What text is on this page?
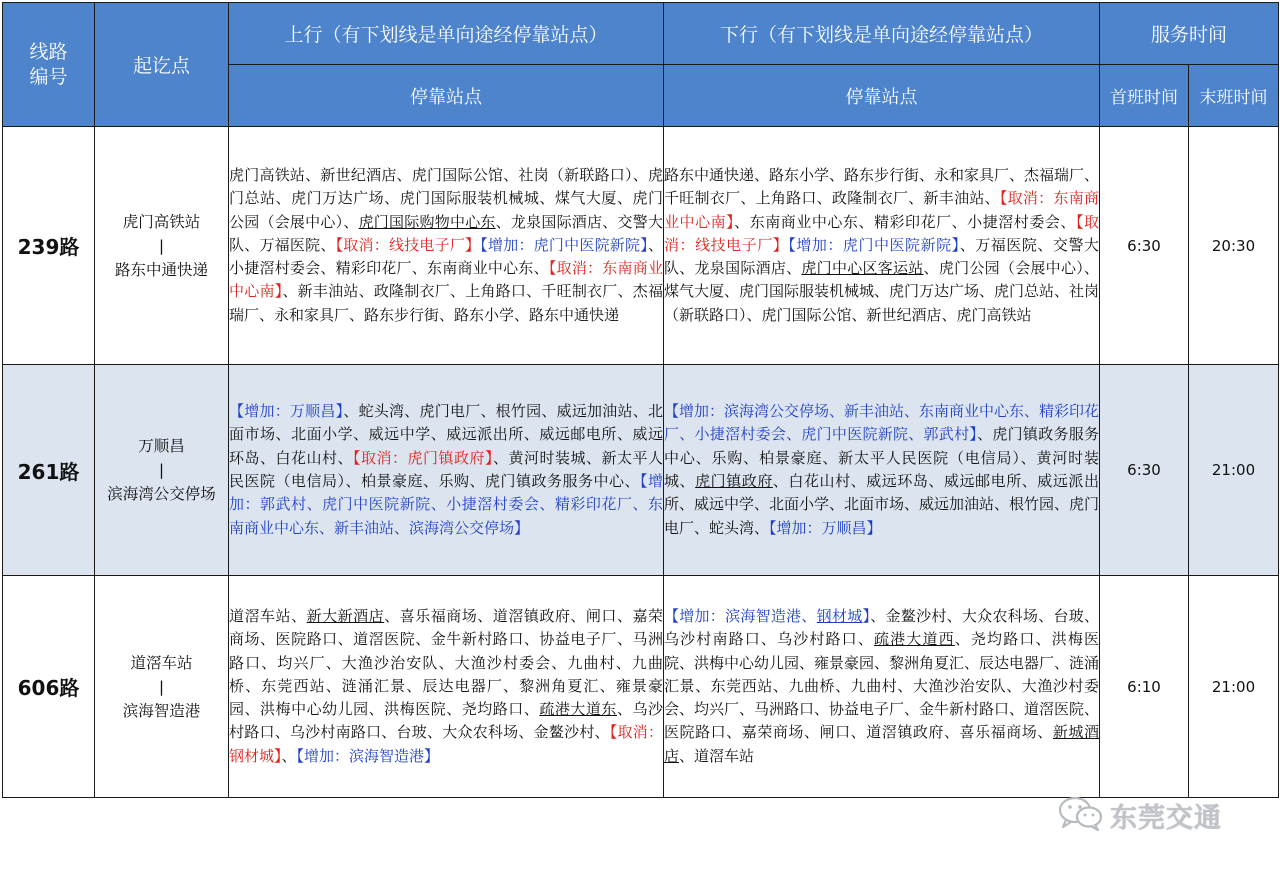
线路
编号	起讫点	上行（有下划线是单向途经停靠站点）	下行（有下划线是单向途经停靠站点）	服务时间	
		停靠站点	停靠站点	首班时间	末班时间
239路	虎门高铁站
|
路东中通快递	虎门高铁站、新世纪酒店、虎门国际公馆、社岗（新联路口）、虎门总站、虎门万达广场、虎门国际服装机械城、煤气大厦、虎门公园（会展中心）、虎门国际购物中心东、龙泉国际酒店、交警大队、万福医院、【取消：线技电子厂】【增加：虎门中医院新院】、小捷滘村委会、精彩印花厂、东南商业中心东、【取消：东南商业中心南】、新丰油站、政隆制衣厂、上角路口、千旺制衣厂、杰福瑞厂、永和家具厂、路东步行街、路东小学、路东中通快递	路东中通快递、路东小学、路东步行街、永和家具厂、杰福瑞厂、千旺制衣厂、上角路口、政隆制衣厂、新丰油站、【取消：东南商业中心南】、东南商业中心东、精彩印花厂、小捷滘村委会、【取消：线技电子厂】【增加：虎门中医院新院】、万福医院、交警大队、龙泉国际酒店、虎门中心区客运站、虎门公园（会展中心）、煤气大厦、虎门国际服装机械城、虎门万达广场、虎门总站、社岗（新联路口）、虎门国际公馆、新世纪酒店、虎门高铁站	6:30	20:30
261路	万顺昌
|
滨海湾公交停场	【增加：万顺昌】、蛇头湾、虎门电厂、根竹园、威远加油站、北面市场、北面小学、威远中学、威远派出所、威远邮电所、威远环岛、白花山村、【取消：虎门镇政府】、黄河时装城、新太平人民医院（电信局）、柏景豪庭、乐购、虎门镇政务服务中心、【增加：郭武村、虎门中医院新院、小捷滘村委会、精彩印花厂、东南商业中心东、新丰油站、滨海湾公交停场】	【增加：滨海湾公交停场、新丰油站、东南商业中心东、精彩印花厂、小捷滘村委会、虎门中医院新院、郭武村】、虎门镇政务服务中心、乐购、柏景豪庭、新太平人民医院（电信局）、黄河时装城、虎门镇政府、白花山村、威远环岛、威远邮电所、威远派出所、威远中学、北面小学、北面市场、威远加油站、根竹园、虎门电厂、蛇头湾、【增加：万顺昌】	6:30	21:00
606路	道滘车站
|
滨海智造港	道滘车站、新大新酒店、喜乐福商场、道滘镇政府、闸口、嘉荣商场、医院路口、道滘医院、金牛新村路口、协益电子厂、马洲路口、均兴厂、大渔沙治安队、大渔沙村委会、九曲村、九曲桥、东莞西站、涟涌汇景、辰达电器厂、黎洲角夏汇、雍景豪园、洪梅中心幼儿园、洪梅医院、尧均路口、疏港大道东、乌沙村路口、乌沙村南路口、台玻、大众农科场、金鳌沙村、【取消：钢材城】、【增加：滨海智造港】	【增加：滨海智造港、钢材城】、金鳌沙村、大众农科场、台玻、乌沙村南路口、乌沙村路口、疏港大道西、尧均路口、洪梅医院、洪梅中心幼儿园、雍景豪园、黎洲角夏汇、辰达电器厂、涟涌汇景、东莞西站、九曲桥、九曲村、大渔沙治安队、大渔沙村委会、均兴厂、马洲路口、协益电子厂、金牛新村路口、道滘医院、医院路口、嘉荣商场、闸口、道滘镇政府、喜乐福商场、新城酒店、道滘车站	6:10	21:00
东莞交通
